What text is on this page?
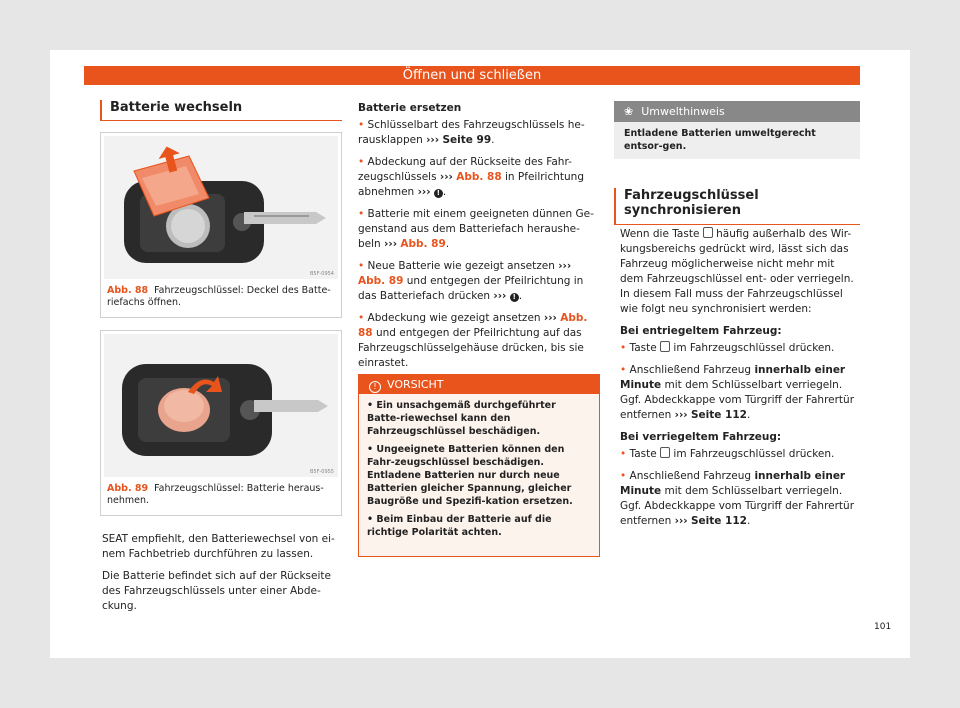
Öffnen und schließen
Batterie wechseln
B5F-0954
Abb. 88 Fahrzeugschlüssel: Deckel des Batte-riefachs öffnen.
B5F-0955
Abb. 89 Fahrzeugschlüssel: Batterie heraus-nehmen.

SEAT empfiehlt, den Batteriewechsel von ei-nem Fachbetrieb durchführen zu lassen.

Die Batterie befindet sich auf der Rückseite des Fahrzeugschlüssels unter einer Abde-ckung.

Batterie ersetzen

• Schlüsselbart des Fahrzeugschlüssels he-rausklappen ››› Seite 99.

• Abdeckung auf der Rückseite des Fahr-zeugschlüssels ››› Abb. 88 in Pfeilrichtung abnehmen ››› ! .

• Batterie mit einem geeigneten dünnen Ge-genstand aus dem Batteriefach heraushe-beln ››› Abb. 89.

• Neue Batterie wie gezeigt ansetzen ››› Abb. 89 und entgegen der Pfeilrichtung in das Batteriefach drücken ››› ! .

• Abdeckung wie gezeigt ansetzen ››› Abb. 88 und entgegen der Pfeilrichtung auf das Fahrzeugschlüsselgehäuse drücken, bis sie einrastet.

! VORSICHT

• Ein unsachgemäß durchgeführter Batte-riewechsel kann den Fahrzeugschlüssel beschädigen.

• Ungeeignete Batterien können den Fahr-zeugschlüssel beschädigen. Entladene Batterien nur durch neue Batterien gleicher Spannung, gleicher Baugröße und Spezifi-kation ersetzen.

• Beim Einbau der Batterie auf die richtige Polarität achten.

❀ Umwelthinweis
Entladene Batterien umweltgerecht entsor-gen.
Fahrzeugschlüssel synchronisieren

Wenn die Taste häufig außerhalb des Wir-kungsbereichs gedrückt wird, lässt sich das Fahrzeug möglicherweise nicht mehr mit dem Fahrzeugschlüssel ent- oder verriegeln. In diesem Fall muss der Fahrzeugschlüssel wie folgt neu synchronisiert werden:

Bei entriegeltem Fahrzeug:

• Taste im Fahrzeugschlüssel drücken.

• Anschließend Fahrzeug innerhalb einer Minute mit dem Schlüsselbart verriegeln. Ggf. Abdeckkappe vom Türgriff der Fahrertür entfernen ››› Seite 112.

Bei verriegeltem Fahrzeug:

• Taste im Fahrzeugschlüssel drücken.

• Anschließend Fahrzeug innerhalb einer Minute mit dem Schlüsselbart verriegeln. Ggf. Abdeckkappe vom Türgriff der Fahrertür entfernen ››› Seite 112.

101
